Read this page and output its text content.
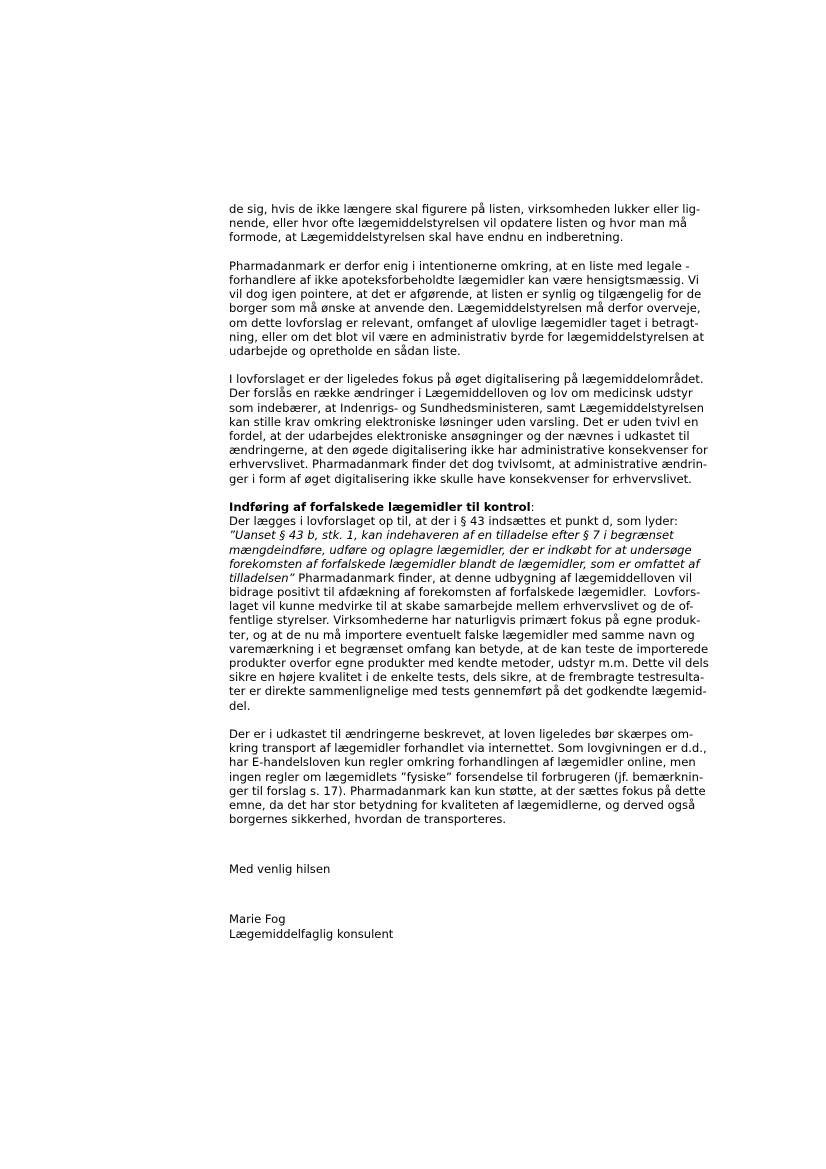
de sig, hvis de ikke længere skal figurere på listen, virksomheden lukker eller lig-
nende, eller hvor ofte lægemiddelstyrelsen vil opdatere listen og hvor man må
formode, at Lægemiddelstyrelsen skal have endnu en indberetning.
Pharmadanmark er derfor enig i intentionerne omkring, at en liste med legale -
forhandlere af ikke apoteksforbeholdte lægemidler kan være hensigtsmæssig. Vi
vil dog igen pointere, at det er afgørende, at listen er synlig og tilgængelig for de
borger som må ønske at anvende den. Lægemiddelstyrelsen må derfor overveje,
om dette lovforslag er relevant, omfanget af ulovlige lægemidler taget i betragt-
ning, eller om det blot vil være en administrativ byrde for lægemiddelstyrelsen at
udarbejde og opretholde en sådan liste.
I lovforslaget er der ligeledes fokus på øget digitalisering på lægemiddelområdet.
Der forslås en række ændringer i Lægemiddelloven og lov om medicinsk udstyr
som indebærer, at Indenrigs- og Sundhedsministeren, samt Lægemiddelstyrelsen
kan stille krav omkring elektroniske løsninger uden varsling. Det er uden tvivl en
fordel, at der udarbejdes elektroniske ansøgninger og der nævnes i udkastet til
ændringerne, at den øgede digitalisering ikke har administrative konsekvenser for
erhvervslivet. Pharmadanmark finder det dog tvivlsomt, at administrative ændrin-
ger i form af øget digitalisering ikke skulle have konsekvenser for erhvervslivet.
Indføring af forfalskede lægemidler til kontrol:
Der lægges i lovforslaget op til, at der i § 43 indsættes et punkt d, som lyder:
”Uanset § 43 b, stk. 1, kan indehaveren af en tilladelse efter § 7 i begrænset
mængdeindføre, udføre og oplagre lægemidler, der er indkøbt for at undersøge
forekomsten af forfalskede lægemidler blandt de lægemidler, som er omfattet af
tilladelsen” Pharmadanmark finder, at denne udbygning af lægemiddelloven vil
bidrage positivt til afdækning af forekomsten af forfalskede lægemidler.  Lovfors-
laget vil kunne medvirke til at skabe samarbejde mellem erhvervslivet og de of-
fentlige styrelser. Virksomhederne har naturligvis primært fokus på egne produk-
ter, og at de nu må importere eventuelt falske lægemidler med samme navn og
varemærkning i et begrænset omfang kan betyde, at de kan teste de importerede
produkter overfor egne produkter med kendte metoder, udstyr m.m. Dette vil dels
sikre en højere kvalitet i de enkelte tests, dels sikre, at de frembragte testresulta-
ter er direkte sammenlignelige med tests gennemført på det godkendte lægemid-
del.
Der er i udkastet til ændringerne beskrevet, at loven ligeledes bør skærpes om-
kring transport af lægemidler forhandlet via internettet. Som lovgivningen er d.d.,
har E-handelsloven kun regler omkring forhandlingen af lægemidler online, men
ingen regler om lægemidlets ”fysiske” forsendelse til forbrugeren (jf. bemærknin-
ger til forslag s. 17). Pharmadanmark kan kun støtte, at der sættes fokus på dette
emne, da det har stor betydning for kvaliteten af lægemidlerne, og derved også
borgernes sikkerhed, hvordan de transporteres.
Med venlig hilsen
Marie Fog
Lægemiddelfaglig konsulent
